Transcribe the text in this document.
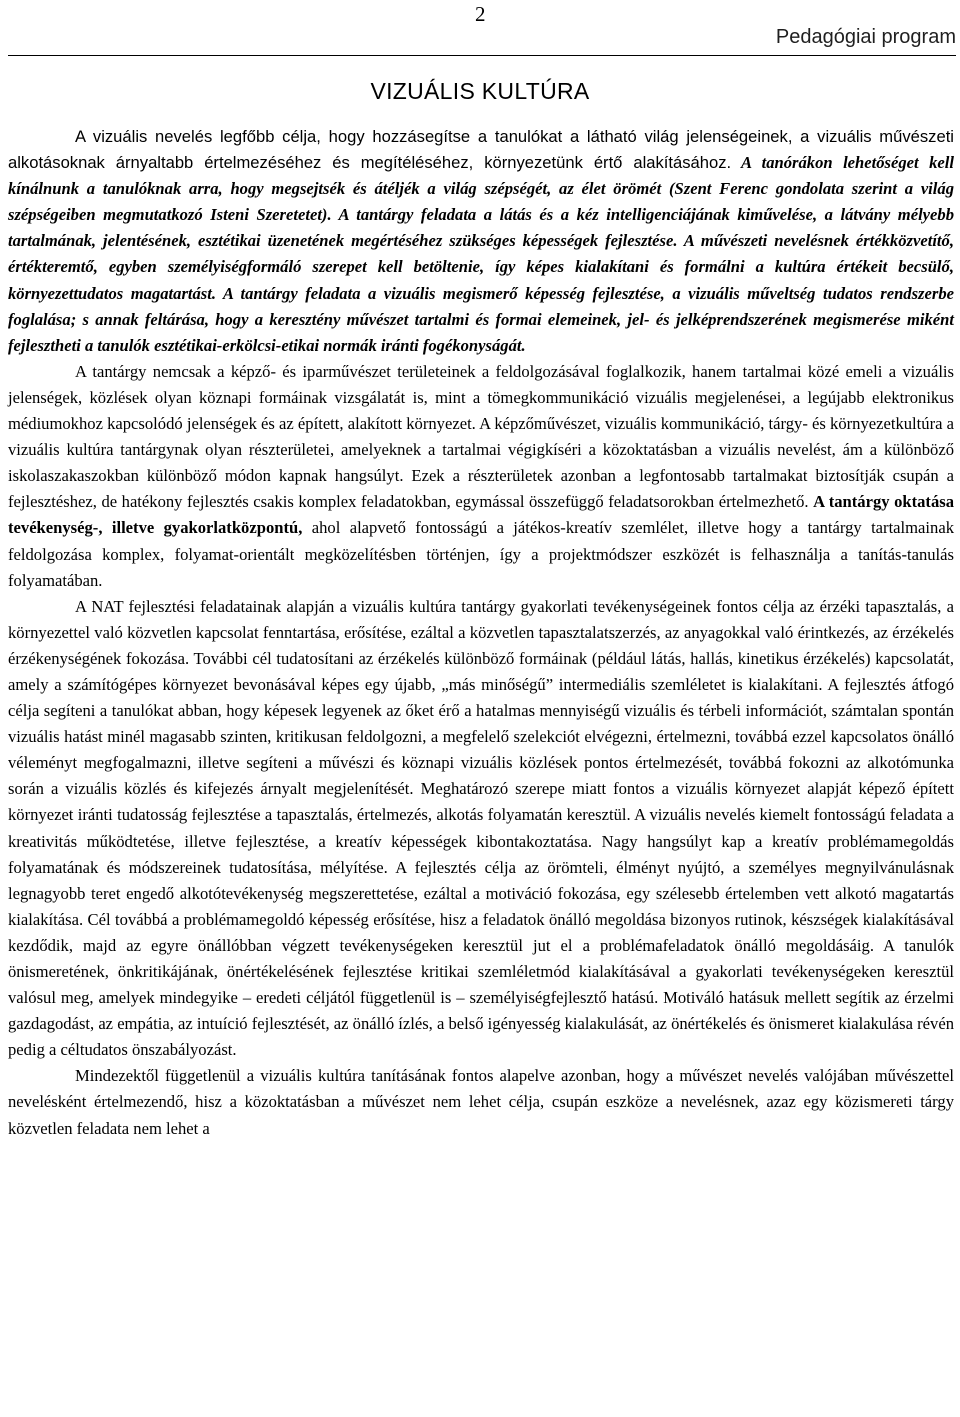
2
Pedagógiai program
VIZUÁLIS KULTÚRA

A vizuális nevelés legfőbb célja, hogy hozzásegítse a tanulókat a látható világ jelenségeinek, a vizuális művészeti alkotásoknak árnyaltabb értelmezéséhez és megítéléséhez, környezetünk értő alakításához. A tanórákon lehetőséget kell kínálnunk a tanulóknak arra, hogy megsejtsék és átéljék a világ szépségét, az élet örömét (Szent Ferenc gondolata szerint a világ szépségeiben megmutatkozó Isteni Szeretetet). A tantárgy feladata a látás és a kéz intelligenciájának kiművelése, a látvány mélyebb tartalmának, jelentésének, esztétikai üzenetének megértéséhez szükséges képességek fejlesztése. A művészeti nevelésnek értékközvetítő, értékteremtő, egyben személyiségformáló szerepet kell betöltenie, így képes kialakítani és formálni a kultúra értékeit becsülő, környezettudatos magatartást. A tantárgy feladata a vizuális megismerő képesség fejlesztése, a vizuális műveltség tudatos rendszerbe foglalása; s annak feltárása, hogy a keresztény művészet tartalmi és formai elemeinek, jel- és jelképrendszerének megismerése miként fejlesztheti a tanulók esztétikai-erkölcsi-etikai normák iránti fogékonyságát.

A tantárgy nemcsak a képző- és iparművészet területeinek a feldolgozásával foglalkozik, hanem tartalmai közé emeli a vizuális jelenségek, közlések olyan köznapi formáinak vizsgálatát is, mint a tömegkommunikáció vizuális megjelenései, a legújabb elektronikus médiumokhoz kapcsolódó jelenségek és az épített, alakított környezet. A képzőművészet, vizuális kommunikáció, tárgy- és környezetkultúra a vizuális kultúra tantárgynak olyan részterületei, amelyeknek a tartalmai végigkíséri a közoktatásban a vizuális nevelést, ám a különböző iskolaszakaszokban különböző módon kapnak hangsúlyt. Ezek a részterületek azonban a legfontosabb tartalmakat biztosítják csupán a fejlesztéshez, de hatékony fejlesztés csakis komplex feladatokban, egymással összefüggő feladatsorokban értelmezhető. A tantárgy oktatása tevékenység-, illetve gyakorlatközpontú, ahol alapvető fontosságú a játékos-kreatív szemlélet, illetve hogy a tantárgy tartalmainak feldolgozása komplex, folyamat-orientált megközelítésben történjen, így a projektmódszer eszközét is felhasználja a tanítás-tanulás folyamatában.

A NAT fejlesztési feladatainak alapján a vizuális kultúra tantárgy gyakorlati tevékenységeinek fontos célja az érzéki tapasztalás, a környezettel való közvetlen kapcsolat fenntartása, erősítése, ezáltal a közvetlen tapasztalatszerzés, az anyagokkal való érintkezés, az érzékelés érzékenységének fokozása. További cél tudatosítani az érzékelés különböző formáinak (például látás, hallás, kinetikus érzékelés) kapcsolatát, amely a számítógépes környezet bevonásával képes egy újabb, „más minőségű” intermediális szemléletet is kialakítani. A fejlesztés átfogó célja segíteni a tanulókat abban, hogy képesek legyenek az őket érő a hatalmas mennyiségű vizuális és térbeli információt, számtalan spontán vizuális hatást minél magasabb szinten, kritikusan feldolgozni, a megfelelő szelekciót elvégezni, értelmezni, továbbá ezzel kapcsolatos önálló véleményt megfogalmazni, illetve segíteni a művészi és köznapi vizuális közlések pontos értelmezését, továbbá fokozni az alkotómunka során a vizuális közlés és kifejezés árnyalt megjelenítését. Meghatározó szerepe miatt fontos a vizuális környezet alapját képező épített környezet iránti tudatosság fejlesztése a tapasztalás, értelmezés, alkotás folyamatán keresztül. A vizuális nevelés kiemelt fontosságú feladata a kreativitás működtetése, illetve fejlesztése, a kreatív képességek kibontakoztatása. Nagy hangsúlyt kap a kreatív problémamegoldás folyamatának és módszereinek tudatosítása, mélyítése. A fejlesztés célja az örömteli, élményt nyújtó, a személyes megnyilvánulásnak legnagyobb teret engedő alkotótevékenység megszerettetése, ezáltal a motiváció fokozása, egy szélesebb értelemben vett alkotó magatartás kialakítása. Cél továbbá a problémamegoldó képesség erősítése, hisz a feladatok önálló megoldása bizonyos rutinok, készségek kialakításával kezdődik, majd az egyre önállóbban végzett tevékenységeken keresztül jut el a problémafeladatok önálló megoldásáig. A tanulók önismeretének, önkritikájának, önértékelésének fejlesztése kritikai szemléletmód kialakításával a gyakorlati tevékenységeken keresztül valósul meg, amelyek mindegyike – eredeti céljától függetlenül is – személyiségfejlesztő hatású. Motiváló hatásuk mellett segítik az érzelmi gazdagodást, az empátia, az intuíció fejlesztését, az önálló ízlés, a belső igényesség kialakulását, az önértékelés és önismeret kialakulása révén pedig a céltudatos önszabályozást.

Mindezektől függetlenül a vizuális kultúra tanításának fontos alapelve azonban, hogy a művészet nevelés valójában művészettel nevelésként értelmezendő, hisz a közoktatásban a művészet nem lehet célja, csupán eszköze a nevelésnek, azaz egy közismereti tárgy közvetlen feladata nem lehet a
